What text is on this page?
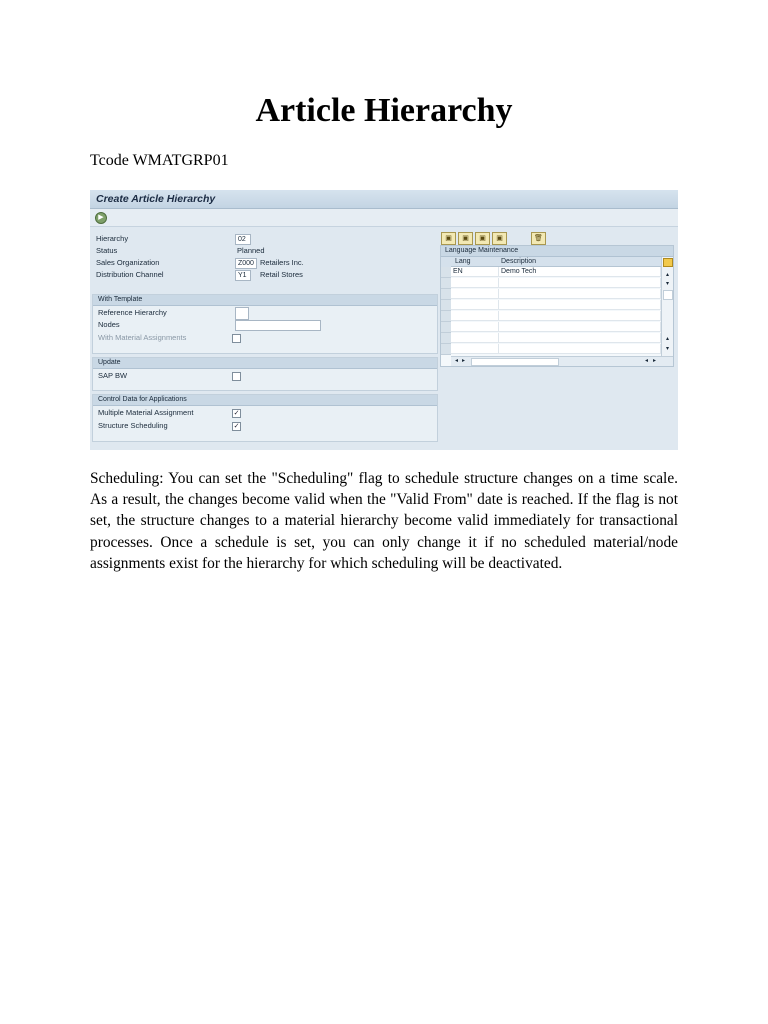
Article Hierarchy
Tcode WMATGRP01
Create Article Hierarchy
▶
Hierarchy	02
Status	Planned
Sales Organization	Z000 Retailers Inc.
Distribution Channel	Y1	Retail Stores
With Template
Reference Hierarchy
Nodes
With Material Assignments
Update
SAP BW
Control Data for Applications
Multiple Material Assignment	✓
Structure Scheduling	✓
▣	▣	▣	▣	🗑
Language Maintenance
Lang	Description
EN	Demo Tech	▴
▾
▴
▾
◂ ▸	◂ ▸
Scheduling: You can set the "Scheduling" flag to schedule structure changes on a time scale. As a result, the changes become valid when the "Valid From" date is reached. If the flag is not set, the structure changes to a material hierarchy become valid immediately for transactional processes. Once a schedule is set, you can only change it if no scheduled material/node assignments exist for the hierarchy for which scheduling will be deactivated.
